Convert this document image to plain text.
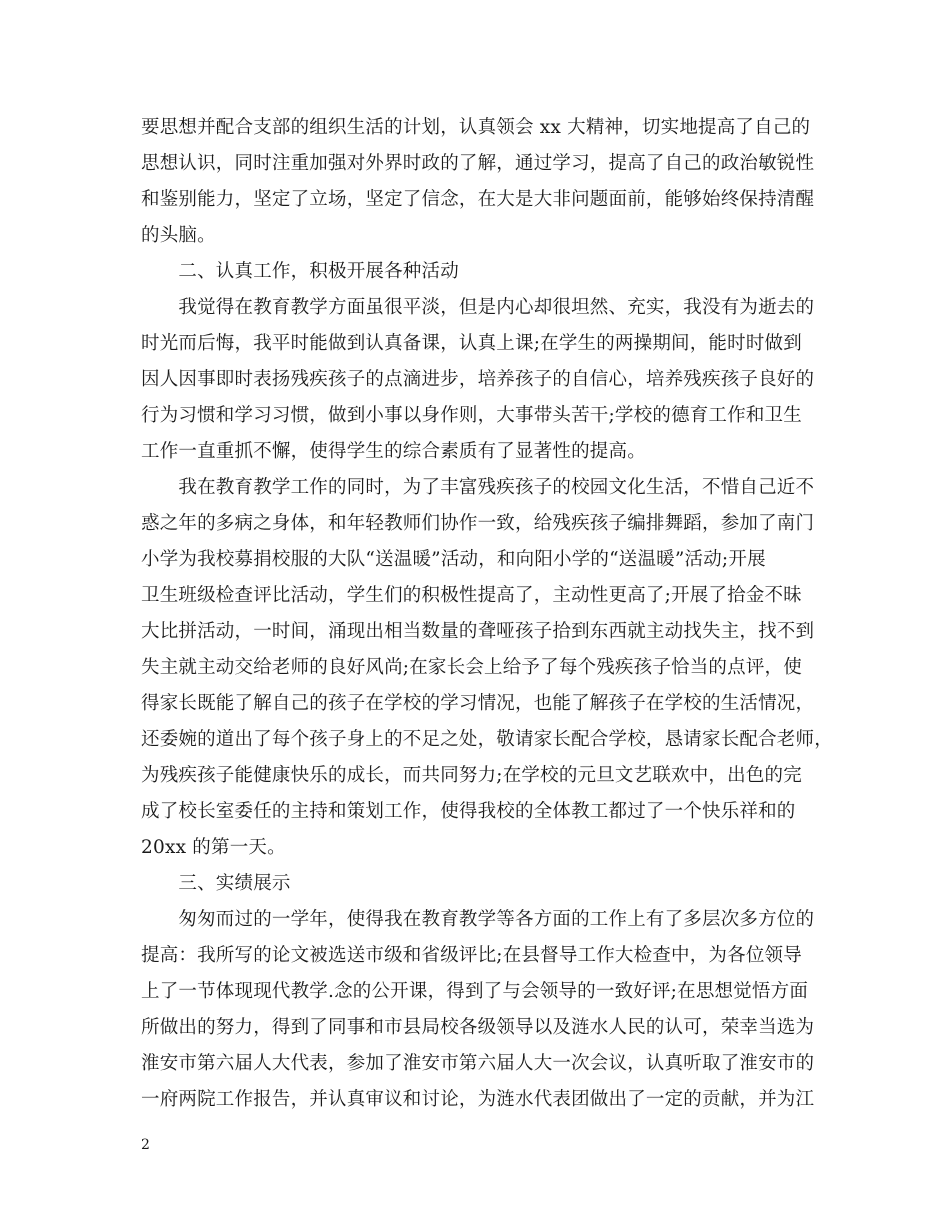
要思想并配合支部的组织生活的计划，认真领会 xx 大精神，切实地提高了自己的
思想认识，同时注重加强对外界时政的了解，通过学习，提高了自己的政治敏锐性
和鉴别能力，坚定了立场，坚定了信念，在大是大非问题面前，能够始终保持清醒
的头脑。
　　二、认真工作，积极开展各种活动
　　我觉得在教育教学方面虽很平淡，但是内心却很坦然、充实，我没有为逝去的
时光而后悔，我平时能做到认真备课，认真上课;在学生的两操期间，能时时做到
因人因事即时表扬残疾孩子的点滴进步，培养孩子的自信心，培养残疾孩子良好的
行为习惯和学习习惯，做到小事以身作则，大事带头苦干;学校的德育工作和卫生
工作一直重抓不懈，使得学生的综合素质有了显著性的提高。
　　我在教育教学工作的同时，为了丰富残疾孩子的校园文化生活，不惜自己近不
惑之年的多病之身体，和年轻教师们协作一致，给残疾孩子编排舞蹈，参加了南门
小学为我校募捐校服的大队“送温暖”活动，和向阳小学的“送温暖”活动;开展
卫生班级检查评比活动，学生们的积极性提高了，主动性更高了;开展了拾金不昧
大比拼活动，一时间，涌现出相当数量的聋哑孩子拾到东西就主动找失主，找不到
失主就主动交给老师的良好风尚;在家长会上给予了每个残疾孩子恰当的点评，使
得家长既能了解自己的孩子在学校的学习情况，也能了解孩子在学校的生活情况，
还委婉的道出了每个孩子身上的不足之处，敬请家长配合学校，恳请家长配合老师，
为残疾孩子能健康快乐的成长，而共同努力;在学校的元旦文艺联欢中，出色的完
成了校长室委任的主持和策划工作，使得我校的全体教工都过了一个快乐祥和的
20xx 的第一天。
　　三、实绩展示
　　匆匆而过的一学年，使得我在教育教学等各方面的工作上有了多层次多方位的
提高：我所写的论文被选送市级和省级评比;在县督导工作大检查中，为各位领导
上了一节体现现代教学.念的公开课，得到了与会领导的一致好评;在思想觉悟方面
所做出的努力，得到了同事和市县局校各级领导以及涟水人民的认可，荣幸当选为
淮安市第六届人大代表，参加了淮安市第六届人大一次会议，认真听取了淮安市的
一府两院工作报告，并认真审议和讨论，为涟水代表团做出了一定的贡献，并为江
2
